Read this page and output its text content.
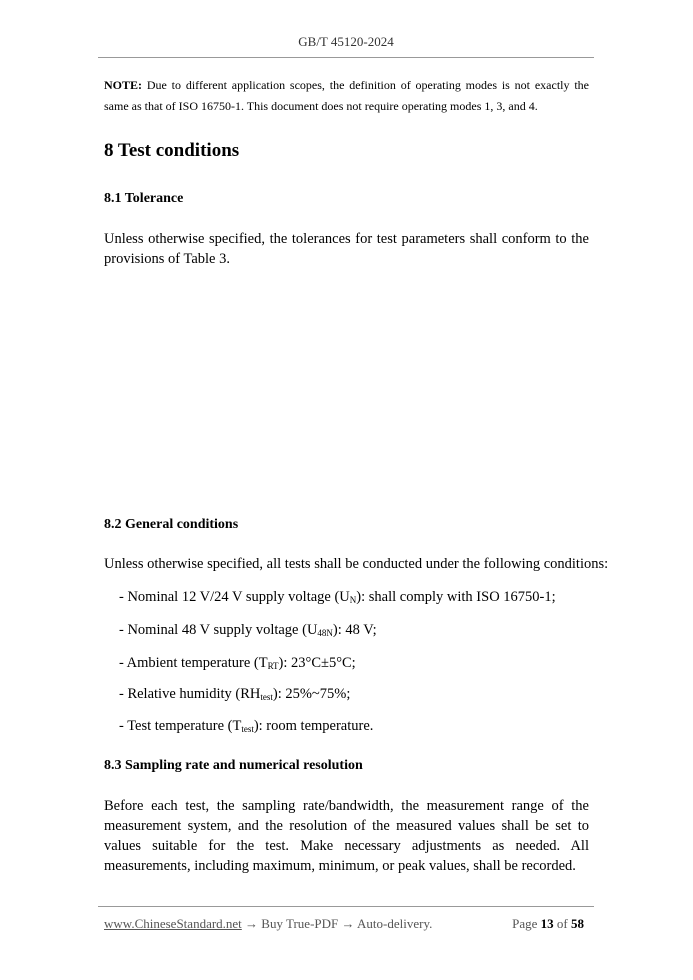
GB/T 45120-2024
NOTE: Due to different application scopes, the definition of operating modes is not exactly the same as that of ISO 16750-1. This document does not require operating modes 1, 3, and 4.
8 Test conditions
8.1 Tolerance
Unless otherwise specified, the tolerances for test parameters shall conform to the provisions of Table 3.
8.2 General conditions
Unless otherwise specified, all tests shall be conducted under the following conditions:
- Nominal 12 V/24 V supply voltage $(U_N)$: shall comply with ISO 16750-1;
- Nominal 48 V supply voltage $(U_{48N})$: 48 V;
- Ambient temperature $(T_{RT})$: 23°C±5°C;
- Relative humidity $(RH_{test})$: 25%~75%;
- Test temperature $(T_{test})$: room temperature.
8.3 Sampling rate and numerical resolution
Before each test, the sampling rate/bandwidth, the measurement range of the measurement system, and the resolution of the measured values shall be set to values suitable for the test. Make necessary adjustments as needed. All measurements, including maximum, minimum, or peak values, shall be recorded.
www.ChineseStandard.net → Buy True-PDF → Auto-delivery.	Page 13 of 58
